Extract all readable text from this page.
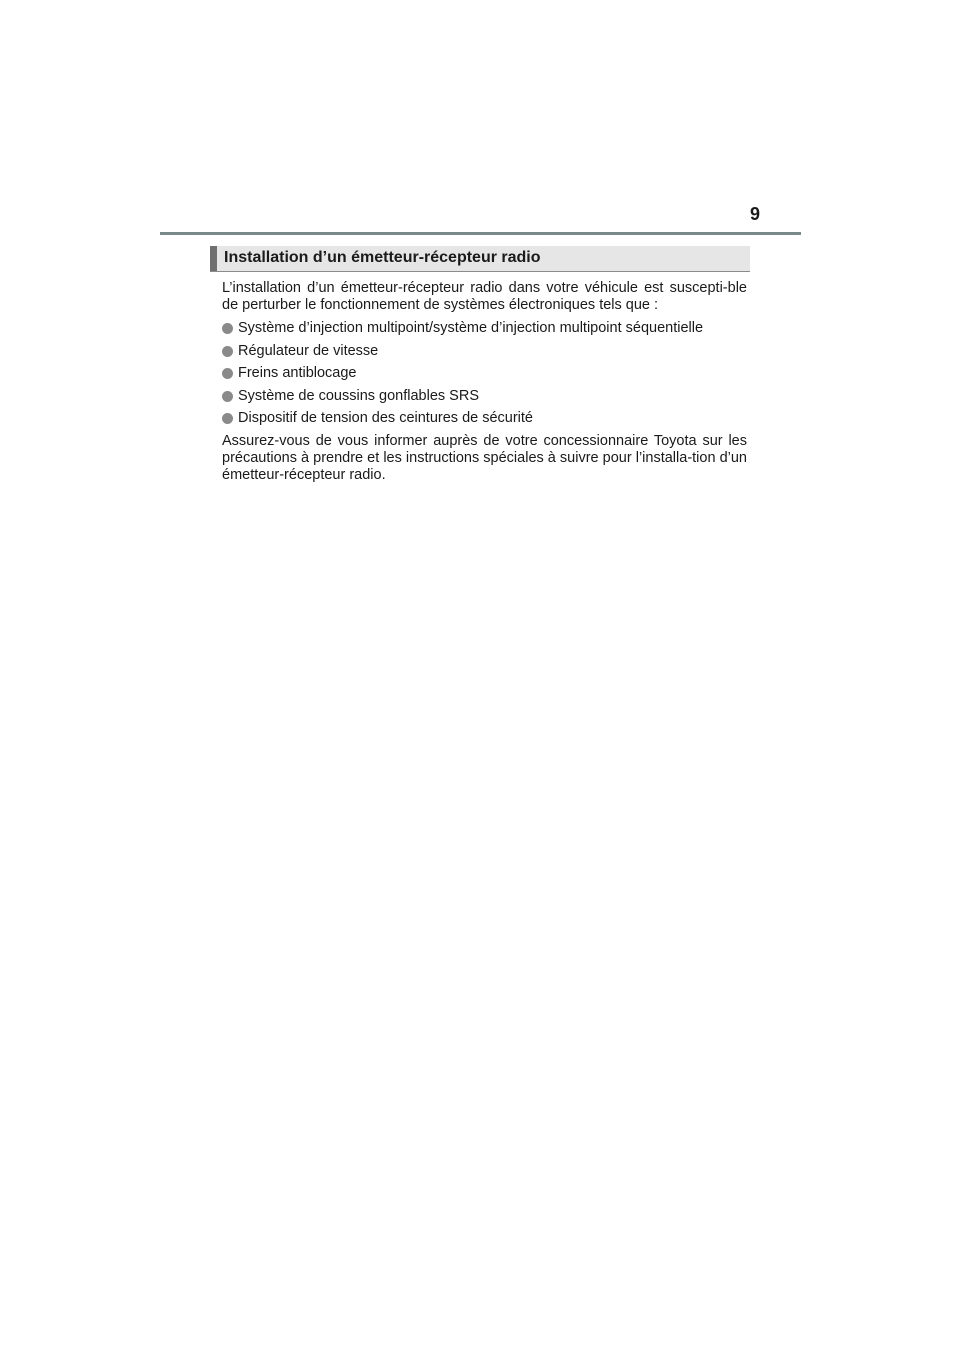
9
Installation d’un émetteur-récepteur radio

L’installation d’un émetteur-récepteur radio dans votre véhicule est suscepti-ble de perturber le fonctionnement de systèmes électroniques tels que :

Système d’injection multipoint/système d’injection multipoint séquentielle
Régulateur de vitesse
Freins antiblocage
Système de coussins gonflables SRS
Dispositif de tension des ceintures de sécurité

Assurez-vous de vous informer auprès de votre concessionnaire Toyota sur les précautions à prendre et les instructions spéciales à suivre pour l’installa-tion d’un émetteur-récepteur radio.
